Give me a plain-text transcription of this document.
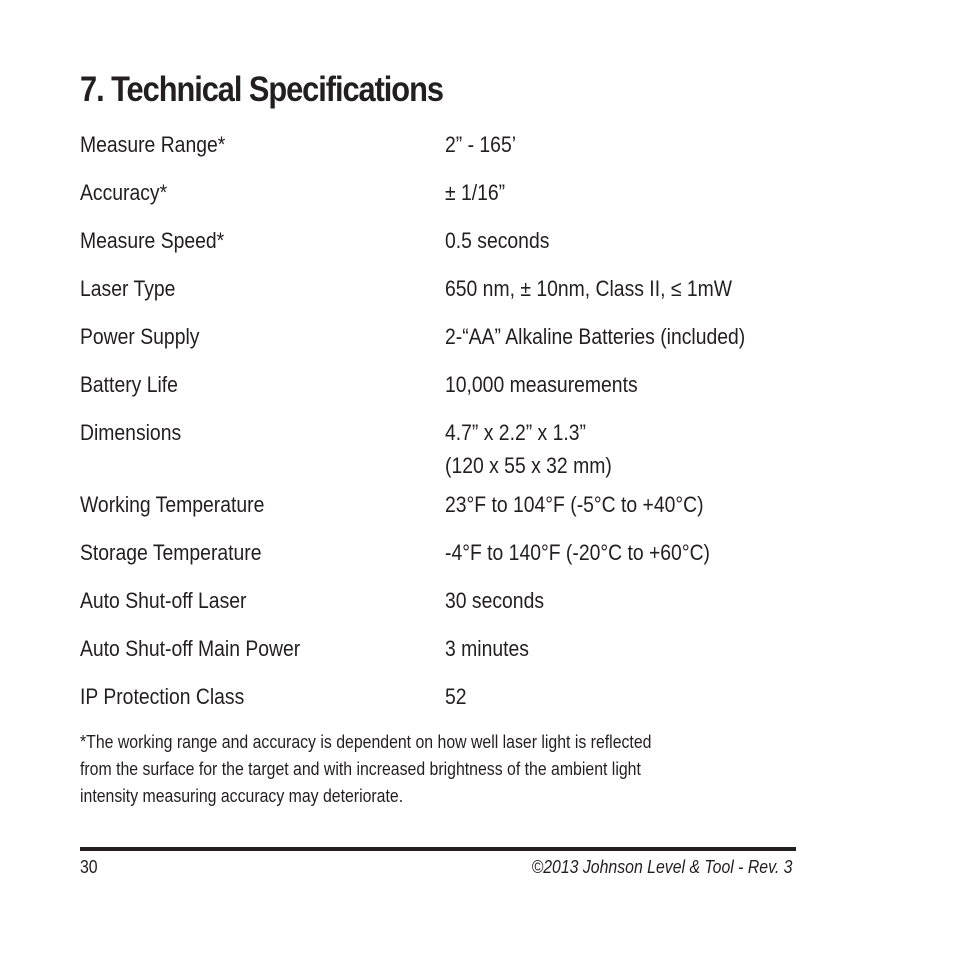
7. Technical Specifications
Measure Range*	2” - 165’
Accuracy*	± 1/16”
Measure Speed*	0.5 seconds
Laser Type	650 nm, ± 10nm, Class II, ≤ 1mW
Power Supply	2-“AA” Alkaline Batteries (included)
Battery Life	10,000 measurements
Dimensions	4.7” x 2.2” x 1.3”
(120 x 55 x 32 mm)
Working Temperature	23°F to 104°F (-5°C to +40°C)
Storage Temperature	-4°F to 140°F (-20°C to +60°C)
Auto Shut-off Laser	30 seconds
Auto Shut-off Main Power	3 minutes
IP Protection Class	52
*The working range and accuracy is dependent on how well laser light is reflected
from the surface for the target and with increased brightness of the ambient light
intensity measuring accuracy may deteriorate.
30	©2013 Johnson Level & Tool - Rev. 3
